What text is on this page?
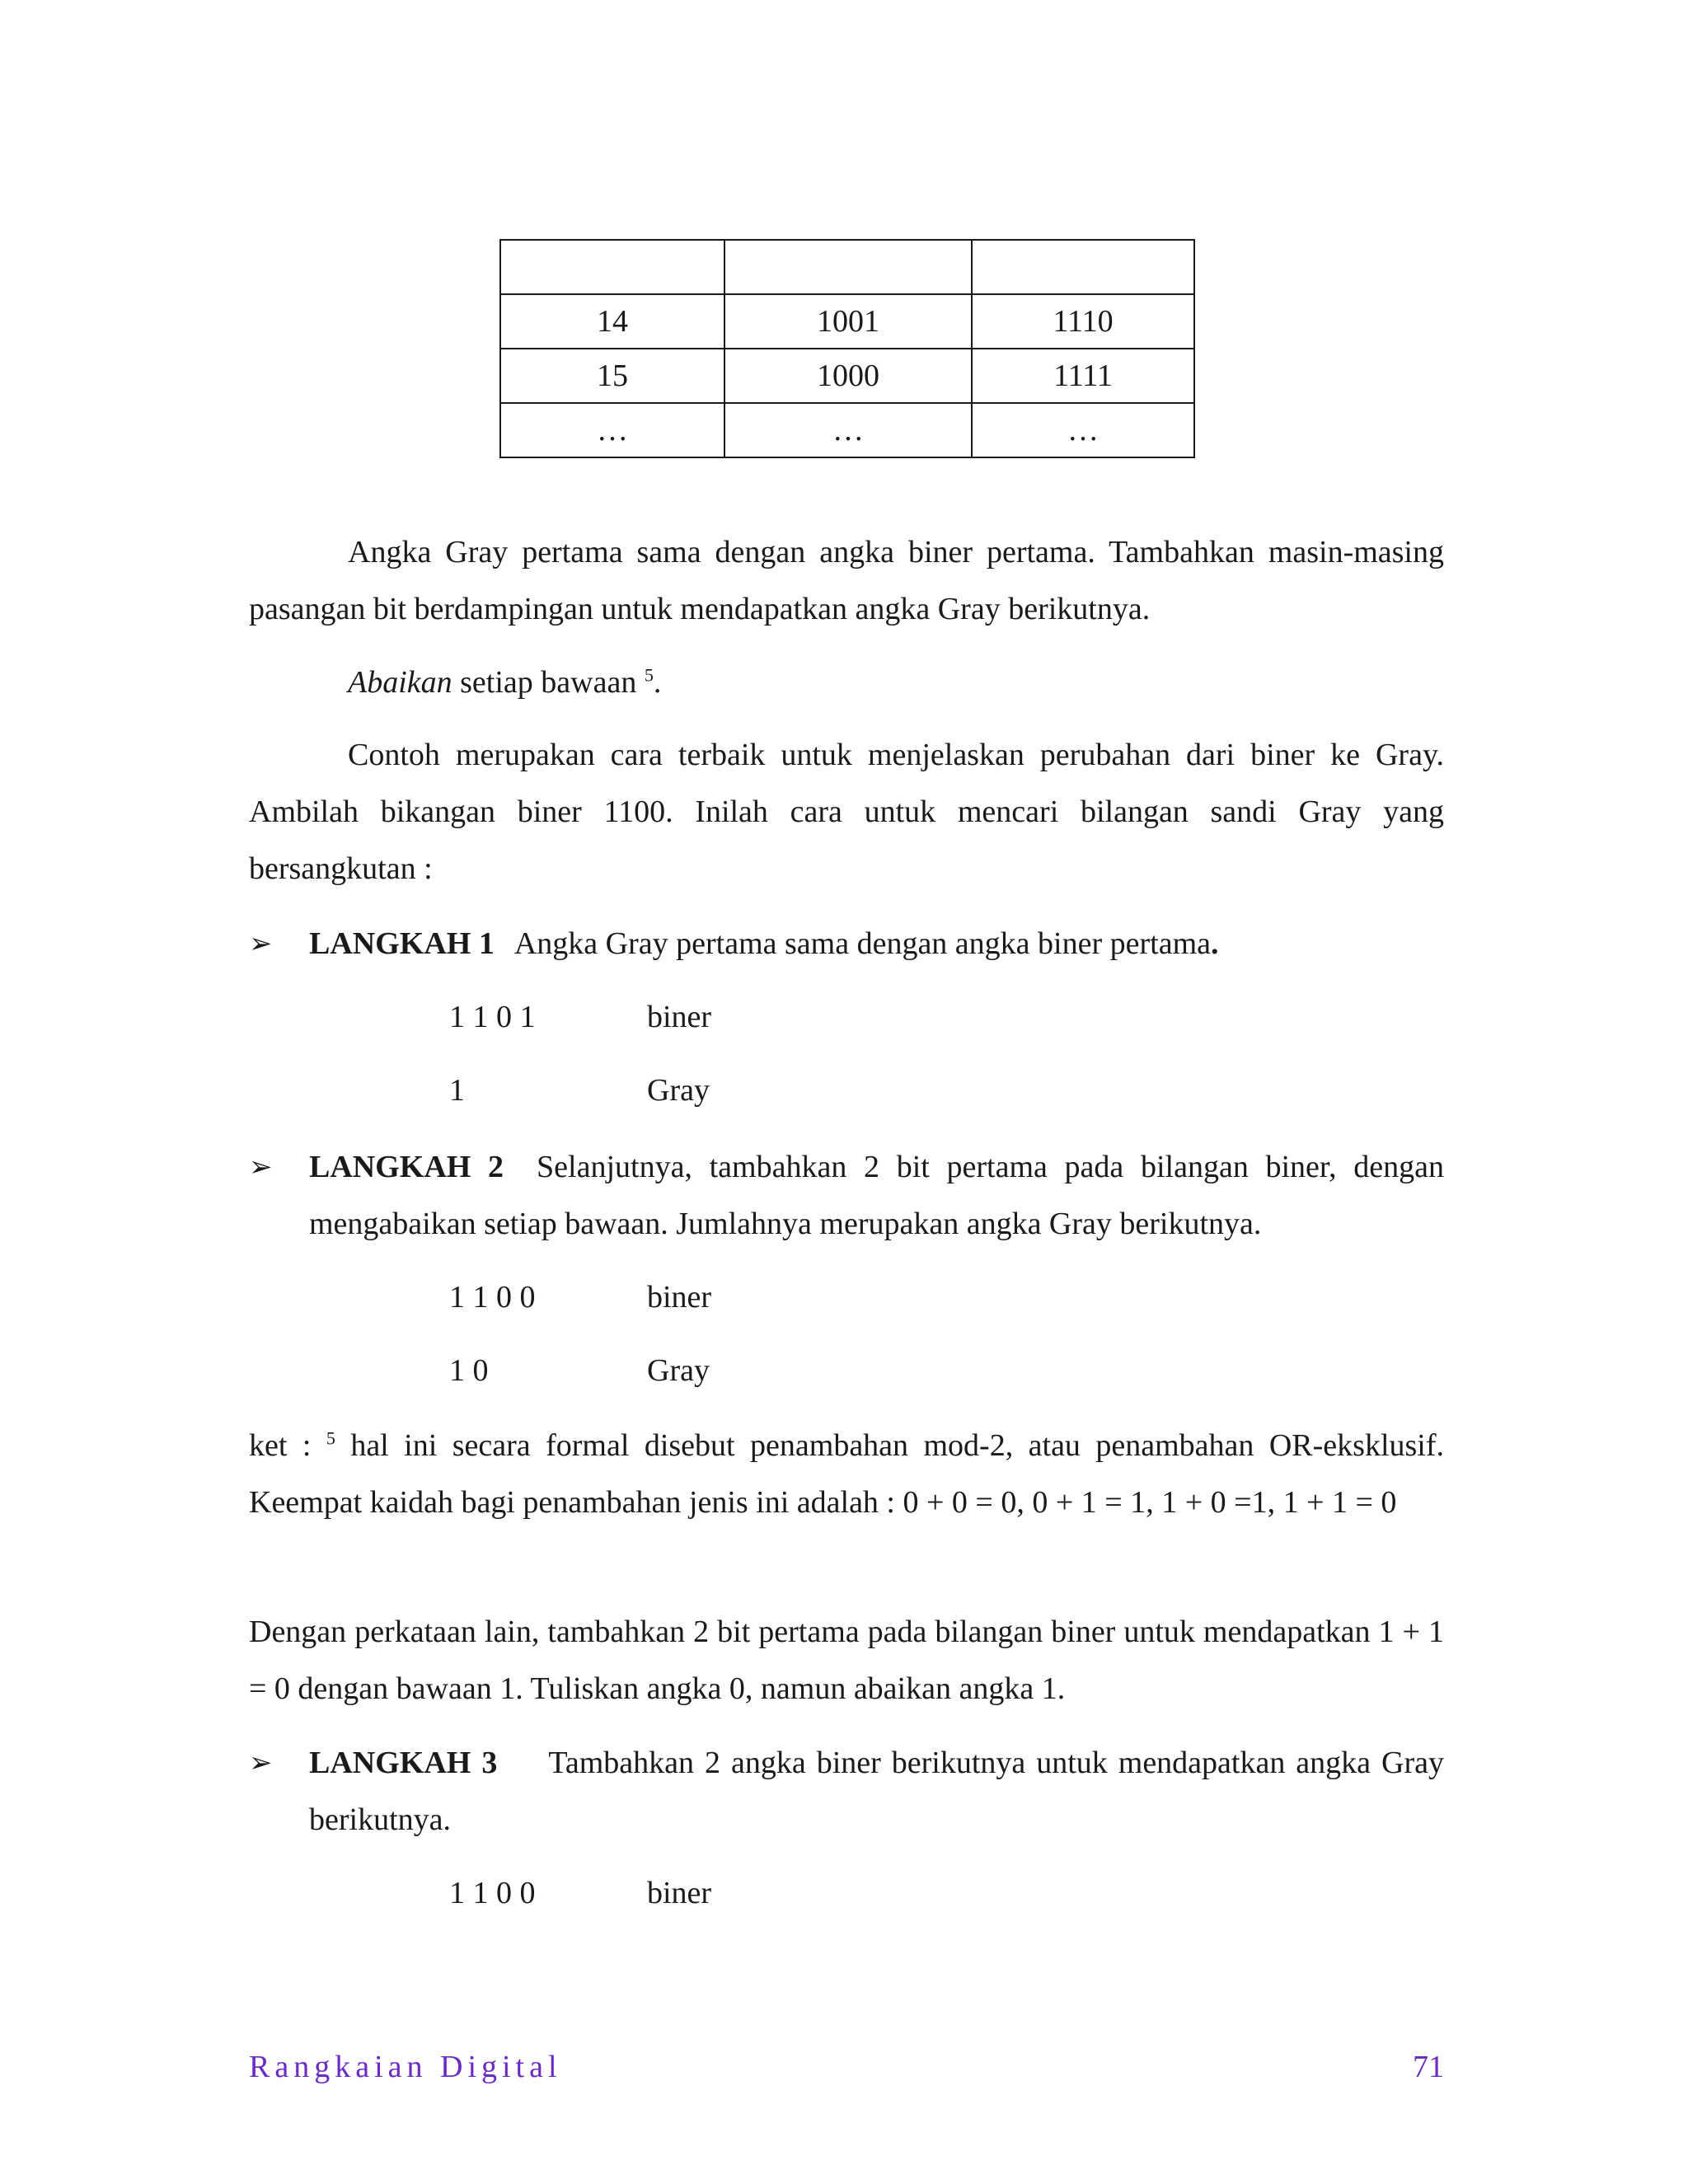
14	1001	1110
15	1000	1111
…	…	…

Angka Gray pertama sama dengan angka biner pertama. Tambahkan masin-masing pasangan bit berdampingan untuk mendapatkan angka Gray berikutnya.

Abaikan setiap bawaan $^5$.

Contoh merupakan cara terbaik untuk menjelaskan perubahan dari biner ke Gray. Ambilah bikangan biner 1100. Inilah cara untuk mencari bilangan sandi Gray yang bersangkutan :

➢	LANGKAH 1 Angka Gray pertama sama dengan angka biner pertama.
1 1 0 1	biner
1	Gray
➢	LANGKAH 2 Selanjutnya, tambahkan 2 bit pertama pada bilangan biner, dengan mengabaikan setiap bawaan. Jumlahnya merupakan angka Gray berikutnya.
1 1 0 0	biner
1 0	Gray

ket : $^5$ hal ini secara formal disebut penambahan mod-2, atau penambahan OR-eksklusif. Keempat kaidah bagi penambahan jenis ini adalah : 0 + 0 = 0, 0 + 1 = 1, 1 + 0 =1, 1 + 1 = 0

Dengan perkataan lain, tambahkan 2 bit pertama pada bilangan biner untuk mendapatkan 1 + 1 = 0 dengan bawaan 1. Tuliskan angka 0, namun abaikan angka 1.

➢	LANGKAH 3 Tambahkan 2 angka biner berikutnya untuk mendapatkan angka Gray berikutnya.
1 1 0 0	biner
Rangkaian Digital	71
